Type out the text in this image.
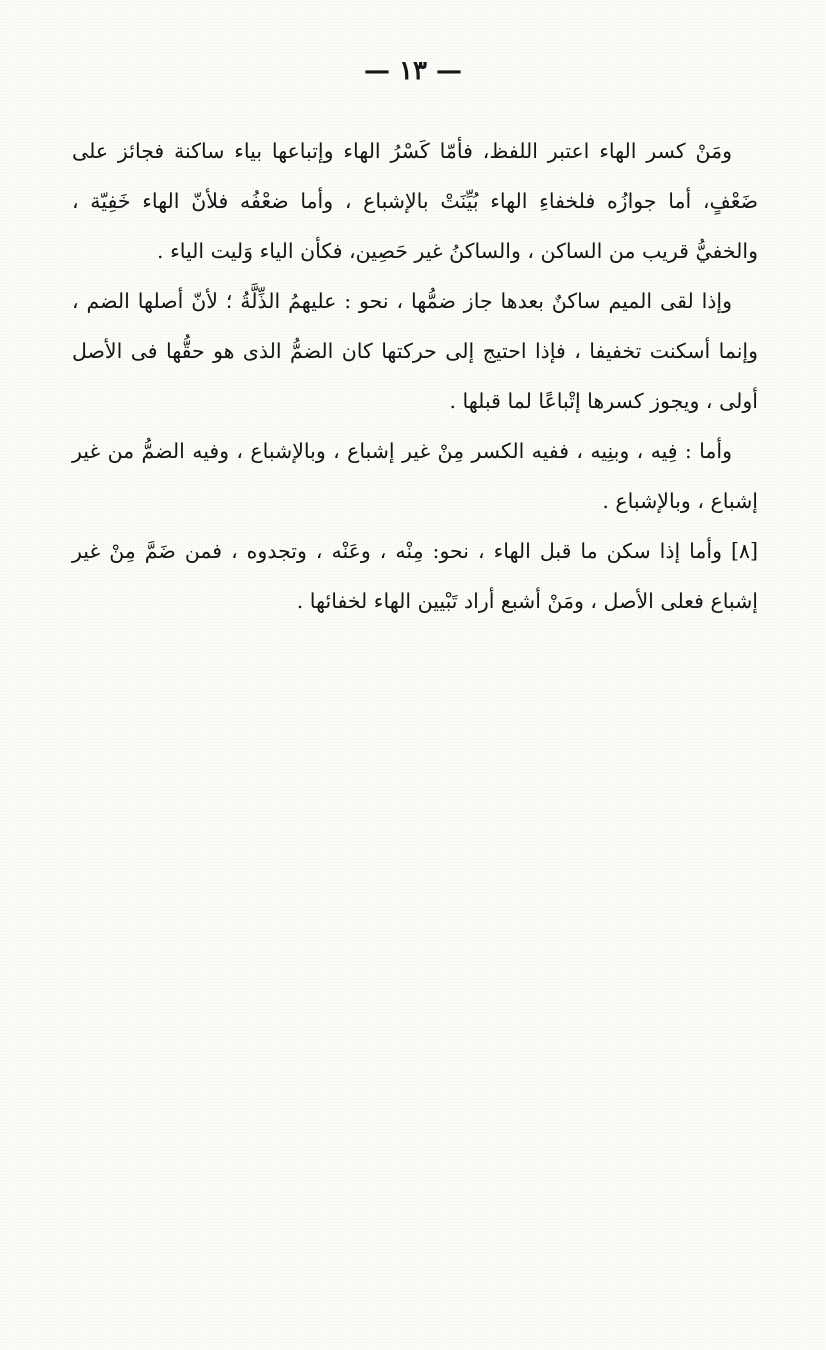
— ١٣ —

ومَنْ كسر الهاء اعتبر اللفظ، فأمّا كَسْرُ الهاء وإتباعها بياء ساكنة فجائز على ضَعْفٍ، أما جوازُه فلخفاءِ الهاء بُيِّنَتْ بالإشباع ، وأما ضعْفُه فلأنّ الهاء خَفِيّة ، والخفيُّ قريب من الساكن ، والساكنُ غير حَصِين، فكأن الياء وَليت الياء .

وإذا لقى الميم ساكنٌ بعدها جاز ضمُّها ، نحو : عليهمُ الذِّلَّةُ ؛ لأنّ أصلها الضم ، وإنما أسكنت تخفيفا ، فإذا احتيج إلى حركتها كان الضمُّ الذى هو حقُّها فى الأصل أولى ، ويجوز كسرها إتْباعًا لما قبلها .

وأما : فِيه ، وبنِيه ، ففيه الكسر مِنْ غير إشباع ، وبالإشباع ، وفيه الضمُّ من غير إشباع ، وبالإشباع .

[٨] وأما إذا سكن ما قبل الهاء ، نحو: مِنْه ، وعَنْه ، وتجدوه ، فمن ضَمَّ مِنْ غير إشباع فعلى الأصل ، ومَنْ أشبع أراد تَبْيين الهاء لخفائها .
